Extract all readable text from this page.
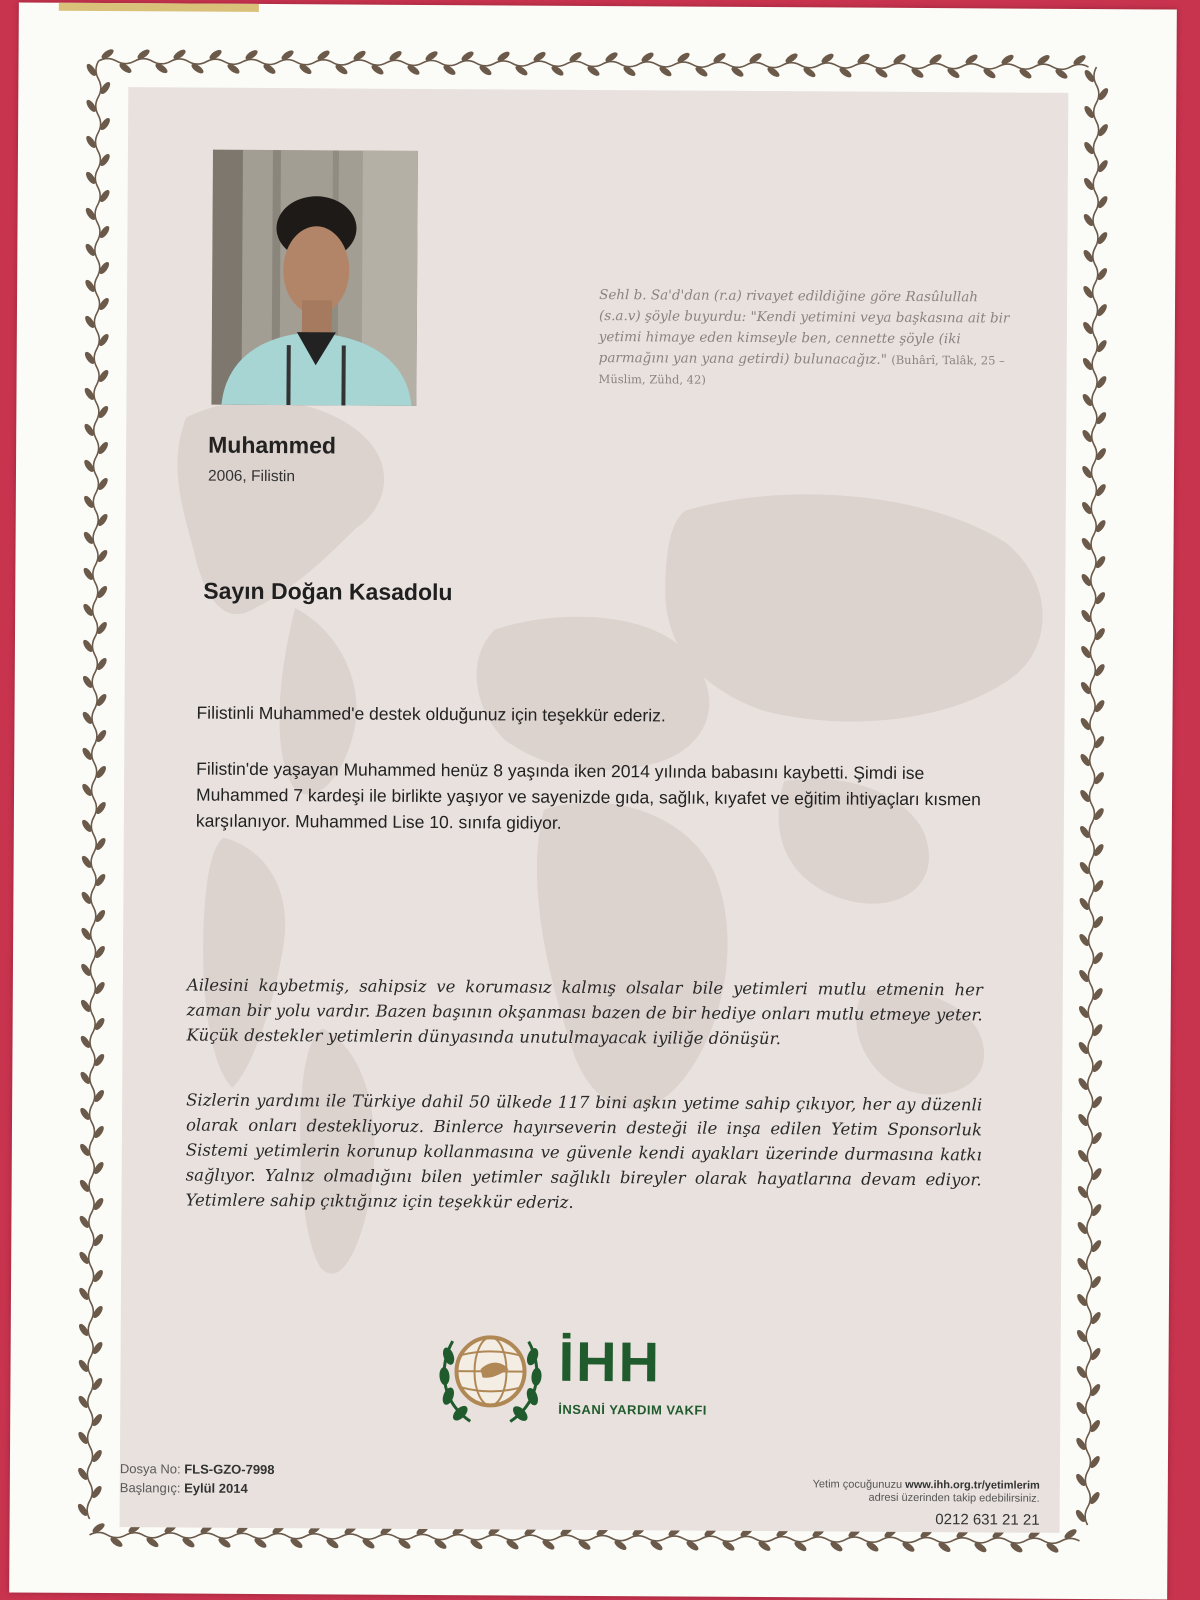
Sehl b. Sa'd'dan (r.a) rivayet edildiğine göre Rasûlullah (s.a.v) şöyle buyurdu: "Kendi yetimini veya başkasına ait bir yetimi himaye eden kimseyle ben, cennette şöyle (iki parmağını yan yana getirdi) bulunacağız." (Buhârî, Talâk, 25 – Müslim, Zühd, 42)
Muhammed
2006, Filistin
Sayın Doğan Kasadolu

Filistinli Muhammed'e destek olduğunuz için teşekkür ederiz.

Filistin'de yaşayan Muhammed henüz 8 yaşında iken 2014 yılında babasını kaybetti. Şimdi ise Muhammed 7 kardeşi ile birlikte yaşıyor ve sayenizde gıda, sağlık, kıyafet ve eğitim ihtiyaçları kısmen karşılanıyor. Muhammed Lise 10. sınıfa gidiyor.

Ailesini kaybetmiş, sahipsiz ve korumasız kalmış olsalar bile yetimleri mutlu etmenin her zaman bir yolu vardır. Bazen başının okşanması bazen de bir hediye onları mutlu etmeye yeter. Küçük destekler yetimlerin dünyasında unutulmayacak iyiliğe dönüşür.

Sizlerin yardımı ile Türkiye dahil 50 ülkede 117 bini aşkın yetime sahip çıkıyor, her ay düzenli olarak onları destekliyoruz. Binlerce hayırseverin desteği ile inşa edilen Yetim Sponsorluk Sistemi yetimlerin korunup kollanmasına ve güvenle kendi ayakları üzerinde durmasına katkı sağlıyor. Yalnız olmadığını bilen yetimler sağlıklı bireyler olarak hayatlarına devam ediyor. Yetimlere sahip çıktığınız için teşekkür ederiz.

İHH
İNSANİ YARDIM VAKFI
Dosya No: FLS-GZO-7998
Başlangıç: Eylül 2014	Yetim çocuğunuzu www.ihh.org.tr/yetimlerim
adresi üzerinden takip edebilirsiniz.
0212 631 21 21
